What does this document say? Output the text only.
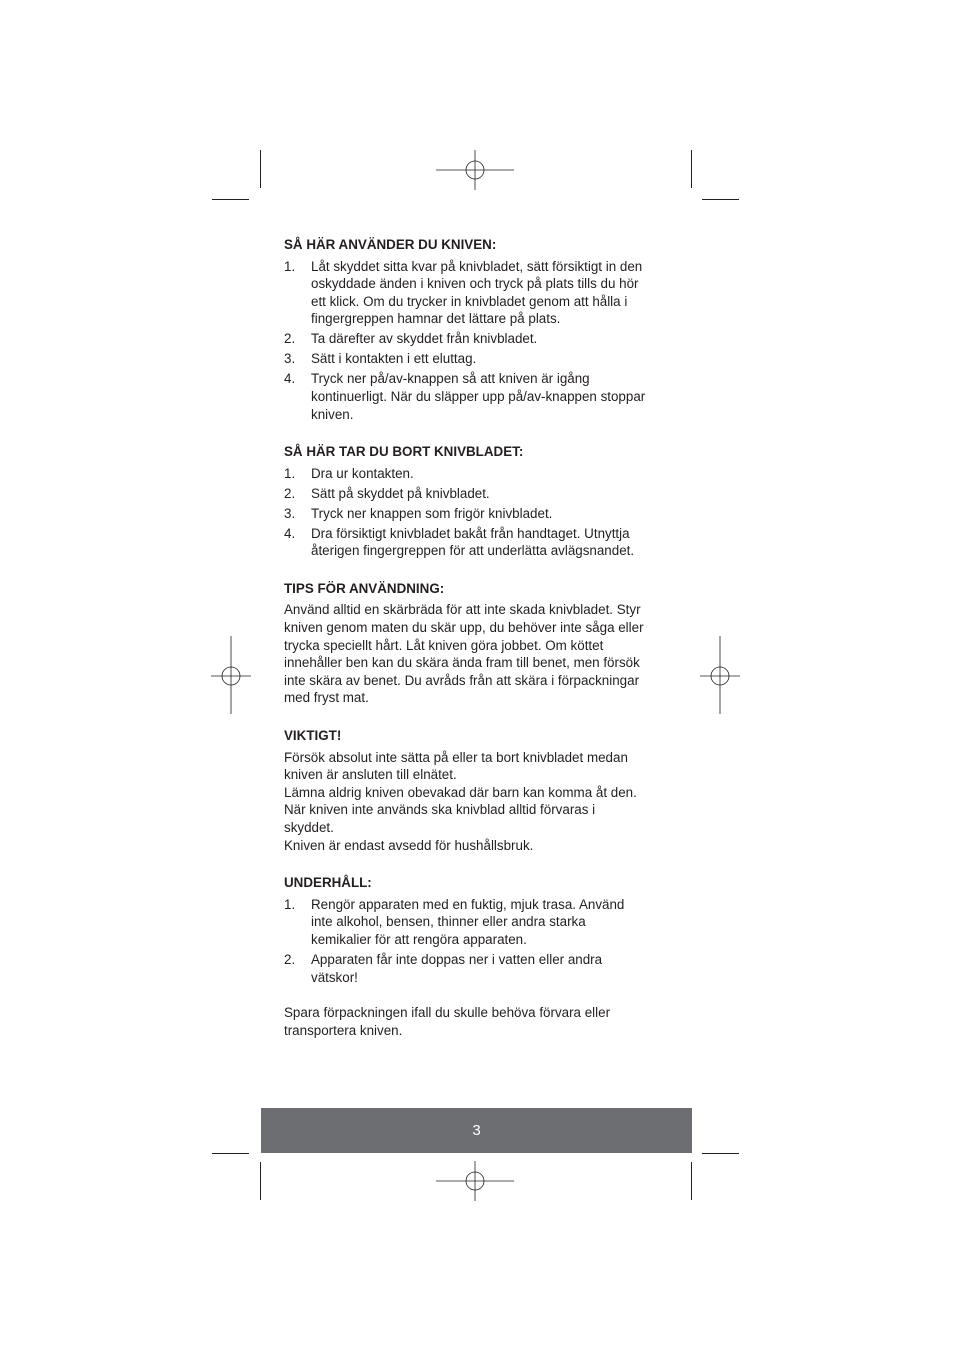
SÅ HÄR ANVÄNDER DU KNIVEN:
1. Låt skyddet sitta kvar på knivbladet, sätt försiktigt in den oskyddade änden i kniven och tryck på plats tills du hör ett klick. Om du trycker in knivbladet genom att hålla i fingergreppen hamnar det lättare på plats.
2. Ta därefter av skyddet från knivbladet.
3. Sätt i kontakten i ett eluttag.
4. Tryck ner på/av-knappen så att kniven är igång kontinuerligt. När du släpper upp på/av-knappen stoppar kniven.
SÅ HÄR TAR DU BORT KNIVBLADET:
1. Dra ur kontakten.
2. Sätt på skyddet på knivbladet.
3. Tryck ner knappen som frigör knivbladet.
4. Dra försiktigt knivbladet bakåt från handtaget. Utnyttja återigen fingergreppen för att underlätta avlägsnandet.
TIPS FÖR ANVÄNDNING:

Använd alltid en skärbräda för att inte skada knivbladet. Styr kniven genom maten du skär upp, du behöver inte såga eller trycka speciellt hårt. Låt kniven göra jobbet. Om köttet innehåller ben kan du skära ända fram till benet, men försök inte skära av benet. Du avråds från att skära i förpackningar med fryst mat.

VIKTIGT!

Försök absolut inte sätta på eller ta bort knivbladet medan kniven är ansluten till elnätet.

Lämna aldrig kniven obevakad där barn kan komma åt den.

När kniven inte används ska knivblad alltid förvaras i skyddet.

Kniven är endast avsedd för hushållsbruk.

UNDERHÅLL:
1. Rengör apparaten med en fuktig, mjuk trasa. Använd inte alkohol, bensen, thinner eller andra starka kemikalier för att rengöra apparaten.
2. Apparaten får inte doppas ner i vatten eller andra vätskor!

Spara förpackningen ifall du skulle behöva förvara eller transportera kniven.

3
